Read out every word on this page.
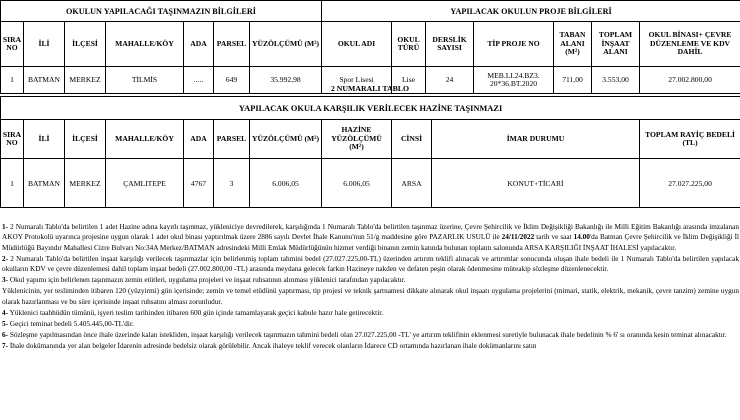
OKULUN YAPILACAĞI TAŞINMAZIN BİLGİLERİ							YAPILACAK OKULUN PROJE BİLGİLERİ						
SIRA NO	İLİ	İLÇESİ	MAHALLE/KÖY	ADA	PARSEL	YÜZÖLÇÜMÜ (M²)	OKUL ADI	OKUL TÜRÜ	DERSLİK SAYISI	TİP PROJE NO	TABAN ALANI (M²)	TOPLAM İNŞAAT ALANI	OKUL BİNASI+ ÇEVRE DÜZENLEME VE KDV DAHİL
1	BATMAN	MERKEZ	TİLMİS	.....	649	35.992,98	Spor Lisesi	Lise	24	MEB.LI.24.BZ3. 20*36.BT.2020	711,00	3.553,00	27.002.800,00
2 NUMARALI TABLO
YAPILACAK OKULA KARŞILIK VERİLECEK HAZİNE TAŞINMAZI										
SIRA NO	İLİ	İLÇESİ	MAHALLE/KÖY	ADA	PARSEL	YÜZÖLÇÜMÜ (M²)	HAZİNE YÜZÖLÇÜMÜ (M²)	CİNSİ	İMAR DURUMU	TOPLAM RAYİÇ BEDELİ (TL)
1	BATMAN	MERKEZ	ÇAMLITEPE	4767	3	6.006,05	6.006,05	ARSA	KONUT+TİCARİ	27.027.225,00

1- 2 Numaralı Tablo'da belirtilen 1 adet Hazine adına kayıtlı taşınmaz, yükleniciye devredilerek, karşılığında 1 Numaralı Tablo'da belirtilen taşınmaz üzerine, Çevre Şehircilik ve İklim Değişikliği Bakanlığı ile Milli Eğitim Bakanlığı arasında imzalanan AKOY Protokolü uyarınca projesine uygun olarak 1 adet okul binası yaptırılmak üzere 2886 sayılı Devlet İhale Kanunu'nun 51/g maddesine göre PAZARLIK USULÜ ile 24/11/2022 tarih ve saat 14.00'da Batman Çevre Şehircilik ve İklim Değişikliği İl Müdürlüğü Bayındır Mahallesi Cizre Bulvarı No:34A Merkez/BATMAN adresindeki Milli Emlak Müdürlüğünün hizmet verdiği binanın zemin katında bulunan toplantı salonunda ARSA KARŞILIĞI İNŞAAT İHALESİ yapılacaktır.

2- 2 Numaralı Tablo'da belirtilen inşaat karşılığı verilecek taşınmazlar için belirlenmiş toplam tahmini bedel (27.027.225,00-TL) üzerinden artırım teklifi alınacak ve artırımlar sonucunda oluşan ihale bedeli ile 1 Numaralı Tablo'da belirtilen yapılacak okulların KDV ve çevre düzenlemesi dahil toplam inşaat bedeli (27.002.800,00 -TL) arasında meydana gelecek farkın Hazineye nakden ve defaten peşin olarak ödenmesine müteakip sözleşme düzenlenecektir.

3- Okul yapımı için belirlenen taşınmazın zemin etütleri, uygulama projeleri ve inşaat ruhsatının alınması yüklenici tarafından yapılacaktır.

Yüklenicinin, yer tesliminden itibaren 120 (yüzyirmi) gün içerisinde; zemin ve temel etüdünü yaptırması, tip projesi ve teknik şartnamesi dikkate alınarak okul inşaatı uygulama projelerini (mimari, statik, elektrik, mekanik, çevre tanzim) zemine uygun olarak hazırlanması ve bu süre içerisinde inşaat ruhsatını alması zorunludur.

4- Yüklenici taahhüdün tümünü, işyeri teslim tarihinden itibaren 600 gün içinde tamamlayarak geçici kabule hazır hale getirecektir.

5- Geçici teminat bedeli 5.405.445,00-TL'dir.

6- Sözleşme yapılmasından önce ihale üzerinde kalan istekliden, inşaat karşılığı verilecek taşınmazın tahmini bedeli olan 27.027.225,00 -TL' ye artırım teklifinin eklenmesi suretiyle bulunacak ihale bedelinin % 6' sı oranında kesin teminat alınacaktır.

7- İhale dokümanında yer alan belgeler İdarenin adresinde bedelsiz olarak görülebilir. Ancak ihaleye teklif verecek olanların İdarece CD ortamında hazırlanan ihale dokümanlarını satın
